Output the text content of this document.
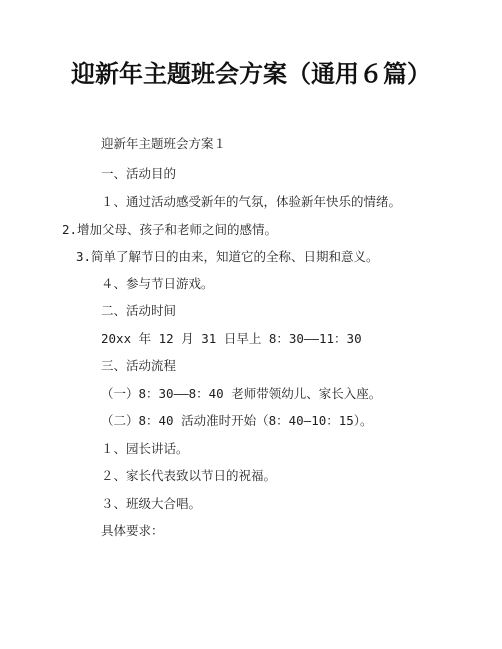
迎新年主题班会方案（通用６篇）

迎新年主题班会方案１

一、活动目的

１、通过活动感受新年的气氛，体验新年快乐的情绪。

2.增加父母、孩子和老师之间的感情。

3.简单了解节日的由来，知道它的全称、日期和意义。

４、参与节日游戏。

二、活动时间

20xx 年 12 月 31 日早上 8：30——11：30

三、活动流程

（一）8：30——8：40 老师带领幼儿、家长入座。

（二）8：40 活动准时开始（8：40—10：15）。

１、园长讲话。

２、家长代表致以节日的祝福。

３、班级大合唱。

具体要求：
